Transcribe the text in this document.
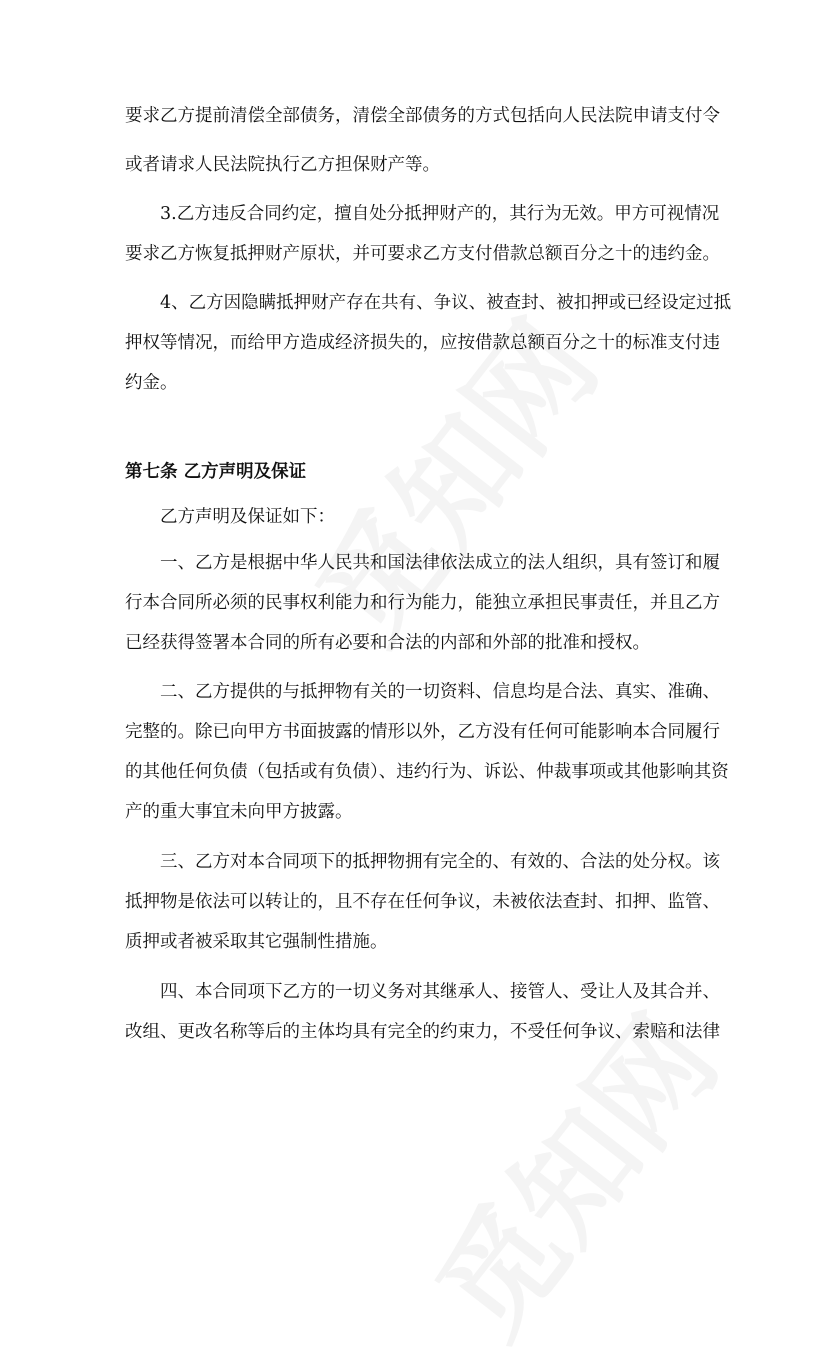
要求乙方提前清偿全部债务，清偿全部债务的方式包括向人民法院申请支付令
或者请求人民法院执行乙方担保财产等。
3.乙方违反合同约定，擅自处分抵押财产的，其行为无效。甲方可视情况
要求乙方恢复抵押财产原状，并可要求乙方支付借款总额百分之十的违约金。
4、乙方因隐瞒抵押财产存在共有、争议、被查封、被扣押或已经设定过抵
押权等情况，而给甲方造成经济损失的，应按借款总额百分之十的标准支付违
约金。
第七条 乙方声明及保证
乙方声明及保证如下：
一、乙方是根据中华人民共和国法律依法成立的法人组织，具有签订和履
行本合同所必须的民事权利能力和行为能力，能独立承担民事责任，并且乙方
已经获得签署本合同的所有必要和合法的内部和外部的批准和授权。
二、乙方提供的与抵押物有关的一切资料、信息均是合法、真实、准确、
完整的。除已向甲方书面披露的情形以外，乙方没有任何可能影响本合同履行
的其他任何负债（包括或有负债）、违约行为、诉讼、仲裁事项或其他影响其资
产的重大事宜未向甲方披露。
三、乙方对本合同项下的抵押物拥有完全的、有效的、合法的处分权。该
抵押物是依法可以转让的，且不存在任何争议，未被依法查封、扣押、监管、
质押或者被采取其它强制性措施。
四、本合同项下乙方的一切义务对其继承人、接管人、受让人及其合并、
改组、更改名称等后的主体均具有完全的约束力，不受任何争议、索赔和法律
